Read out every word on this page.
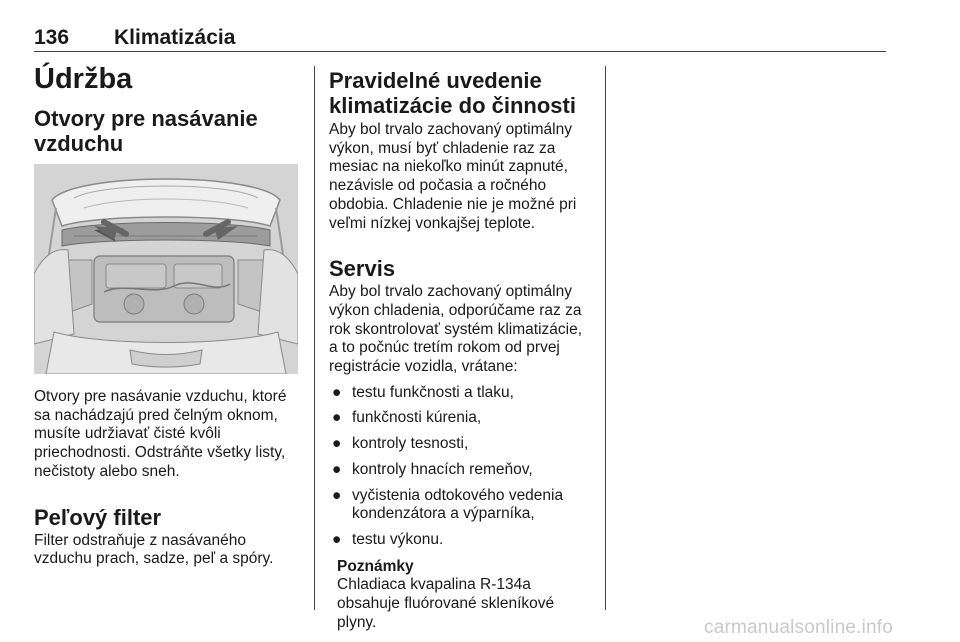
136 Klimatizácia
Údržba
Otvory pre nasávanie vzduchu
Otvory pre nasávanie vzduchu, ktoré
sa nachádzajú pred čelným oknom,
musíte udržiavať čisté kvôli
priechodnosti. Odstráňte všetky listy,
nečistoty alebo sneh.
Peľový filter
Filter odstraňuje z nasávaného
vzduchu prach, sadze, peľ a spóry.
Pravidelné uvedenie
klimatizácie do činnosti
Aby bol trvalo zachovaný optimálny
výkon, musí byť chladenie raz za
mesiac na niekoľko minút zapnuté,
nezávisle od počasia a ročného
obdobia. Chladenie nie je možné pri
veľmi nízkej vonkajšej teplote.
Servis
Aby bol trvalo zachovaný optimálny
výkon chladenia, odporúčame raz za
rok skontrolovať systém klimatizácie,
a to počnúc tretím rokom od prvej
registrácie vozidla, vrátane:
● testu funkčnosti a tlaku,
● funkčnosti kúrenia,
● kontroly tesnosti,
● kontroly hnacích remeňov,
● vyčistenia odtokového vedenia
kondenzátora a výparníka,
● testu výkonu.
Poznámky
Chladiaca kvapalina R-134a
obsahuje fluórované skleníkové
plyny.	carmanualsonline.info
